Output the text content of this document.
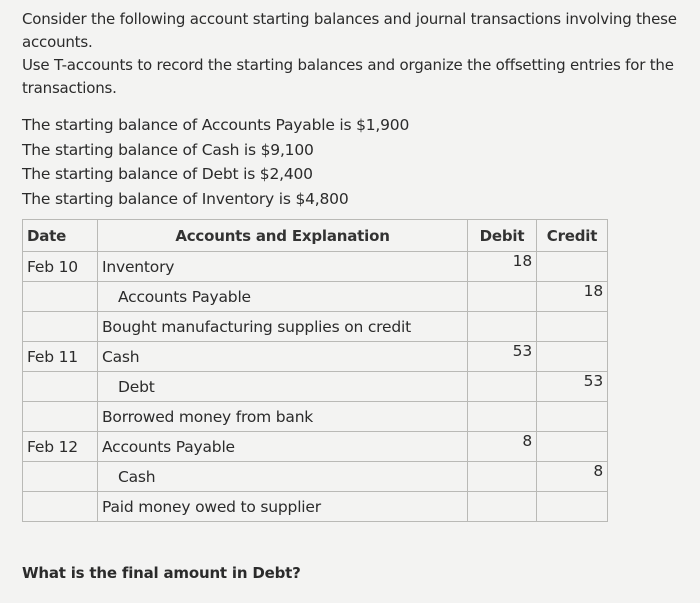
Consider the following account starting balances and journal transactions involving these
accounts.
Use T-accounts to record the starting balances and organize the offsetting entries for the
transactions.
The starting balance of Accounts Payable is $1,900
The starting balance of Cash is $9,100
The starting balance of Debt is $2,400
The starting balance of Inventory is $4,800
Date	Accounts and Explanation	Debit	Credit
Feb 10	Inventory	18	
	Accounts Payable		18
	Bought manufacturing supplies on credit		
Feb 11	Cash	53	
	Debt		53
	Borrowed money from bank		
Feb 12	Accounts Payable	8	
	Cash		8
	Paid money owed to supplier		
What is the final amount in Debt?
